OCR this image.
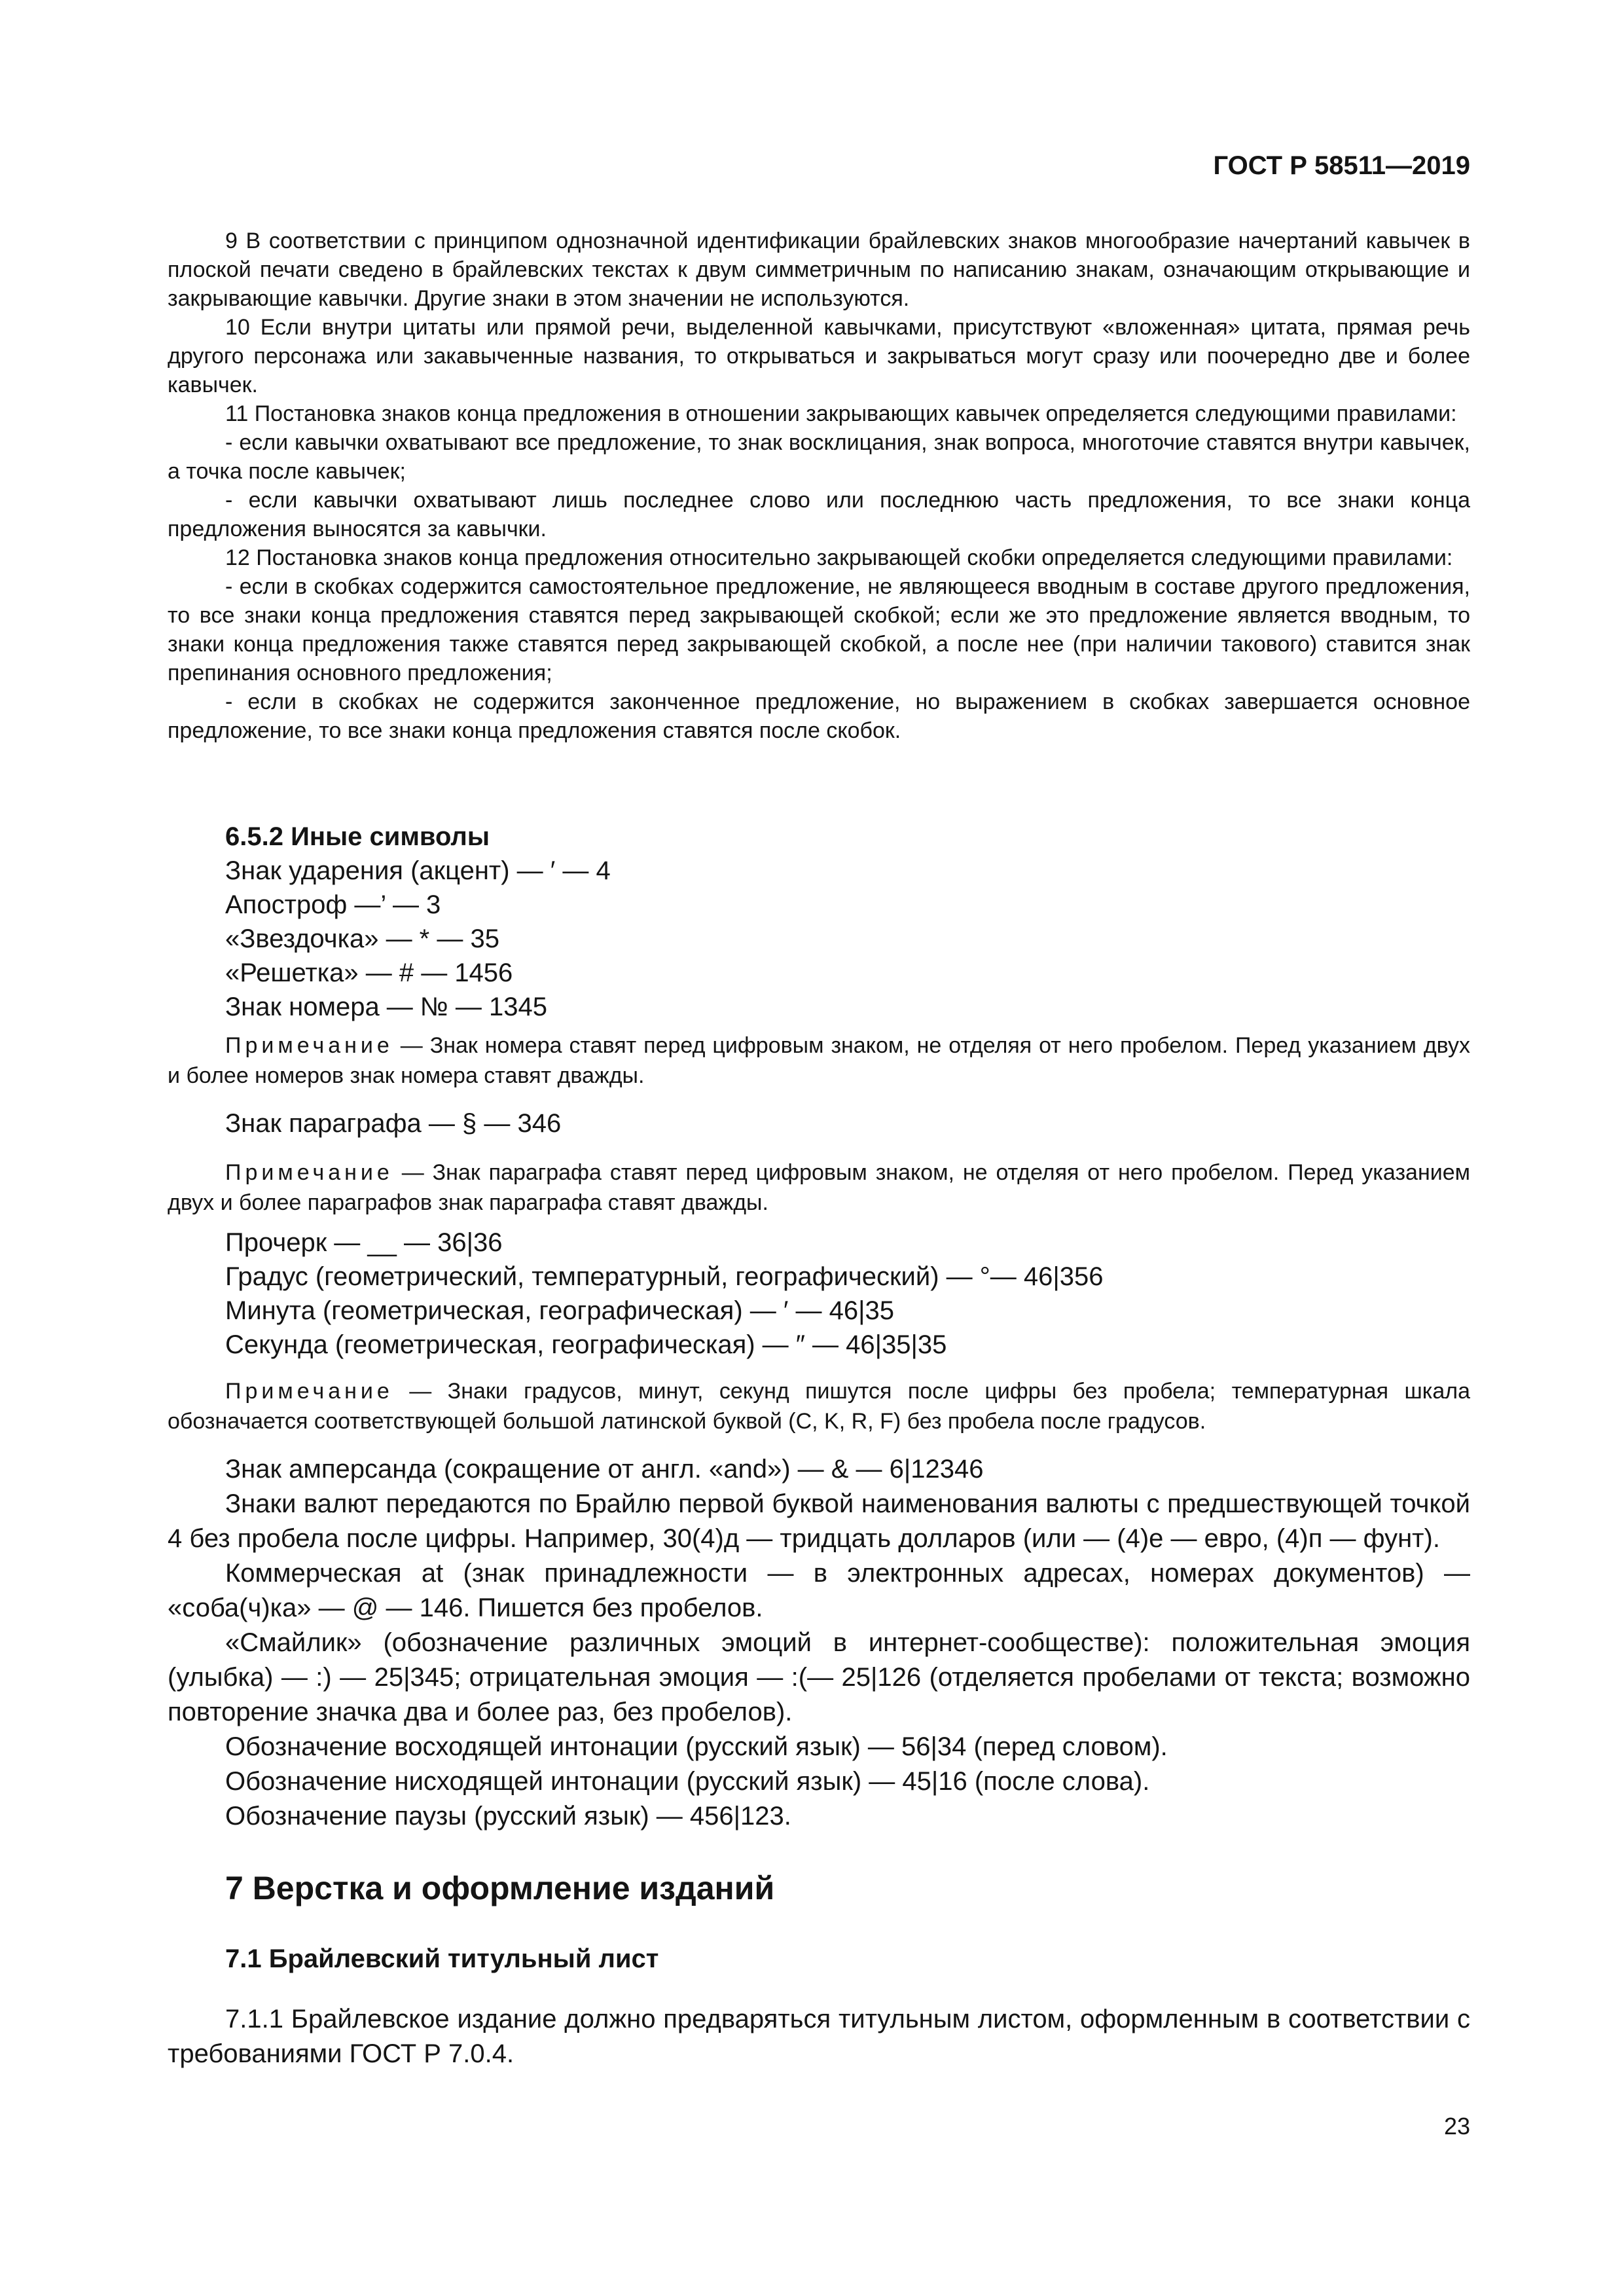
ГОСТ Р 58511—2019

9 В соответствии с принципом однозначной идентификации брайлевских знаков многообразие начертаний кавычек в плоской печати сведено в брайлевских текстах к двум симметричным по написанию знакам, означающим открывающие и закрывающие кавычки. Другие знаки в этом значении не используются.

10 Если внутри цитаты или прямой речи, выделенной кавычками, присутствуют «вложенная» цитата, прямая речь другого персонажа или закавыченные названия, то открываться и закрываться могут сразу или поочередно две и более кавычек.

11 Постановка знаков конца предложения в отношении закрывающих кавычек определяется следующими правилами:

- если кавычки охватывают все предложение, то знак восклицания, знак вопроса, многоточие ставятся внутри кавычек, а точка после кавычек;

- если кавычки охватывают лишь последнее слово или последнюю часть предложения, то все знаки конца предложения выносятся за кавычки.

12 Постановка знаков конца предложения относительно закрывающей скобки определяется следующими правилами:

- если в скобках содержится самостоятельное предложение, не являющееся вводным в составе другого предложения, то все знаки конца предложения ставятся перед закрывающей скобкой; если же это предложение является вводным, то знаки конца предложения также ставятся перед закрывающей скобкой, а после нее (при наличии такового) ставится знак препинания основного предложения;

- если в скобках не содержится законченное предложение, но выражением в скобках завершается основное предложение, то все знаки конца предложения ставятся после скобок.

6.5.2 Иные символы

Знак ударения (акцент) — ′ — 4

Апостроф —’ — 3

«Звездочка» — * — 35

«Решетка» — # — 1456

Знак номера — № — 1345

Примечание — Знак номера ставят перед цифровым знаком, не отделяя от него пробелом. Перед указанием двух и более номеров знак номера ставят дважды.

Знак параграфа — § — 346

Примечание — Знак параграфа ставят перед цифровым знаком, не отделяя от него пробелом. Перед указанием двух и более параграфов знак параграфа ставят дважды.

Прочерк — __ — 36|36

Градус (геометрический, температурный, географический) — °— 46|356

Минута (геометрическая, географическая) — ′ — 46|35

Секунда (геометрическая, географическая) — ″ — 46|35|35

Примечание — Знаки градусов, минут, секунд пишутся после цифры без пробела; температурная шкала обозначается соответствующей большой латинской буквой (C, K, R, F) без пробела после градусов.

Знак амперсанда (сокращение от англ. «and») — & — 6|12346

Знаки валют передаются по Брайлю первой буквой наименования валюты с предшествующей точкой 4 без пробела после цифры. Например, 30(4)д — тридцать долларов (или — (4)е — евро, (4)п — фунт).

Коммерческая at (знак принадлежности — в электронных адресах, номерах документов) — «соба(ч)ка» — @ — 146. Пишется без пробелов.

«Смайлик» (обозначение различных эмоций в интернет-сообществе): положительная эмоция (улыбка) — :) — 25|345; отрицательная эмоция — :(— 25|126 (отделяется пробелами от текста; возможно повторение значка два и более раз, без пробелов).

Обозначение восходящей интонации (русский язык) — 56|34 (перед словом).

Обозначение нисходящей интонации (русский язык) — 45|16 (после слова).

Обозначение паузы (русский язык) — 456|123.

7 Верстка и оформление изданий
7.1 Брайлевский титульный лист

7.1.1 Брайлевское издание должно предваряться титульным листом, оформленным в соответствии с требованиями ГОСТ Р 7.0.4.

23
